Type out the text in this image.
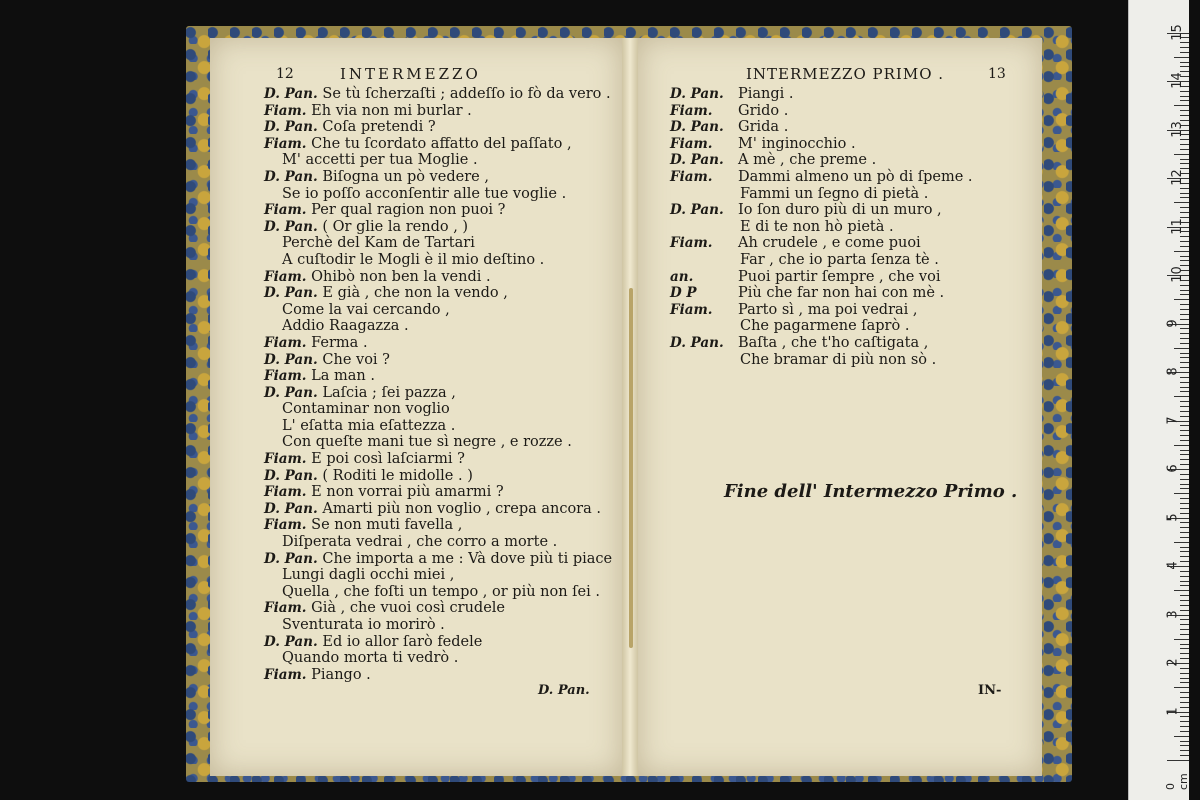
12	INTERMEZZO	INTERMEZZO PRIMO .	13
D. Pan. Se tù ſcherzaſti ; addeſſo io fò da vero .
Fiam. Eh via non mi burlar .
D. Pan. Coſa pretendi ?
Fiam. Che tu ſcordato affatto del paſſato ,
M' accetti per tua Moglie .
D. Pan. Biſogna un pò vedere ,
Se io poſſo acconſentir alle tue voglie .
Fiam. Per qual ragion non puoi ?
D. Pan. ( Or glie la rendo , )
Perchè del Kam de Tartari
A cuſtodir le Mogli è il mio deſtino .
Fiam. Ohibò non ben la vendi .
D. Pan. E già , che non la vendo ,
Come la vai cercando ,
Addio Raagazza .
Fiam. Ferma .
D. Pan. Che voi ?
Fiam. La man .
D. Pan. Laſcia ; ſei pazza ,
Contaminar non voglio
L' eſatta mia eſattezza .
Con queſte mani tue sì negre , e rozze .
Fiam. E poi così laſciarmi ?
D. Pan. ( Roditi le midolle . )
Fiam. E non vorrai più amarmi ?
D. Pan. Amarti più non voglio , crepa ancora .
Fiam. Se non muti favella ,
Diſperata vedrai , che corro a morte .
D. Pan. Che importa a me : Và dove più ti piace
Lungi dagli occhi miei ,
Quella , che foſti un tempo , or più non ſei .
Fiam. Già , che vuoi così crudele
Sventurata io morirò .
D. Pan. Ed io allor ſarò fedele
Quando morta ti vedrò .
Fiam. Piango .
D. Pan.Piangi .
Fiam.Grido .
D. Pan.Grida .
Fiam.M' inginocchio .
D. Pan.A mè , che preme .
Fiam.Dammi almeno un pò di ſpeme .
Fammi un ſegno di pietà .
D. Pan.Io ſon duro più di un muro ,
E di te non hò pietà .
Fiam.Ah crudele , e come puoi
Far , che io parta ſenza tè .
an.	Puoi partir ſempre , che voi
D P	Più che far non hai con mè .
Fiam.Parto sì , ma poi vedrai ,
Che pagarmene ſaprò .
D. Pan.Baſta , che t'ho caſtigata ,
Che bramar di più non sò .
Fine dell' Intermezzo Primo .
D. Pan.	IN-
0 cm
1
2
3
4
5
6
7
8
9
10
11
12
13
14
15
